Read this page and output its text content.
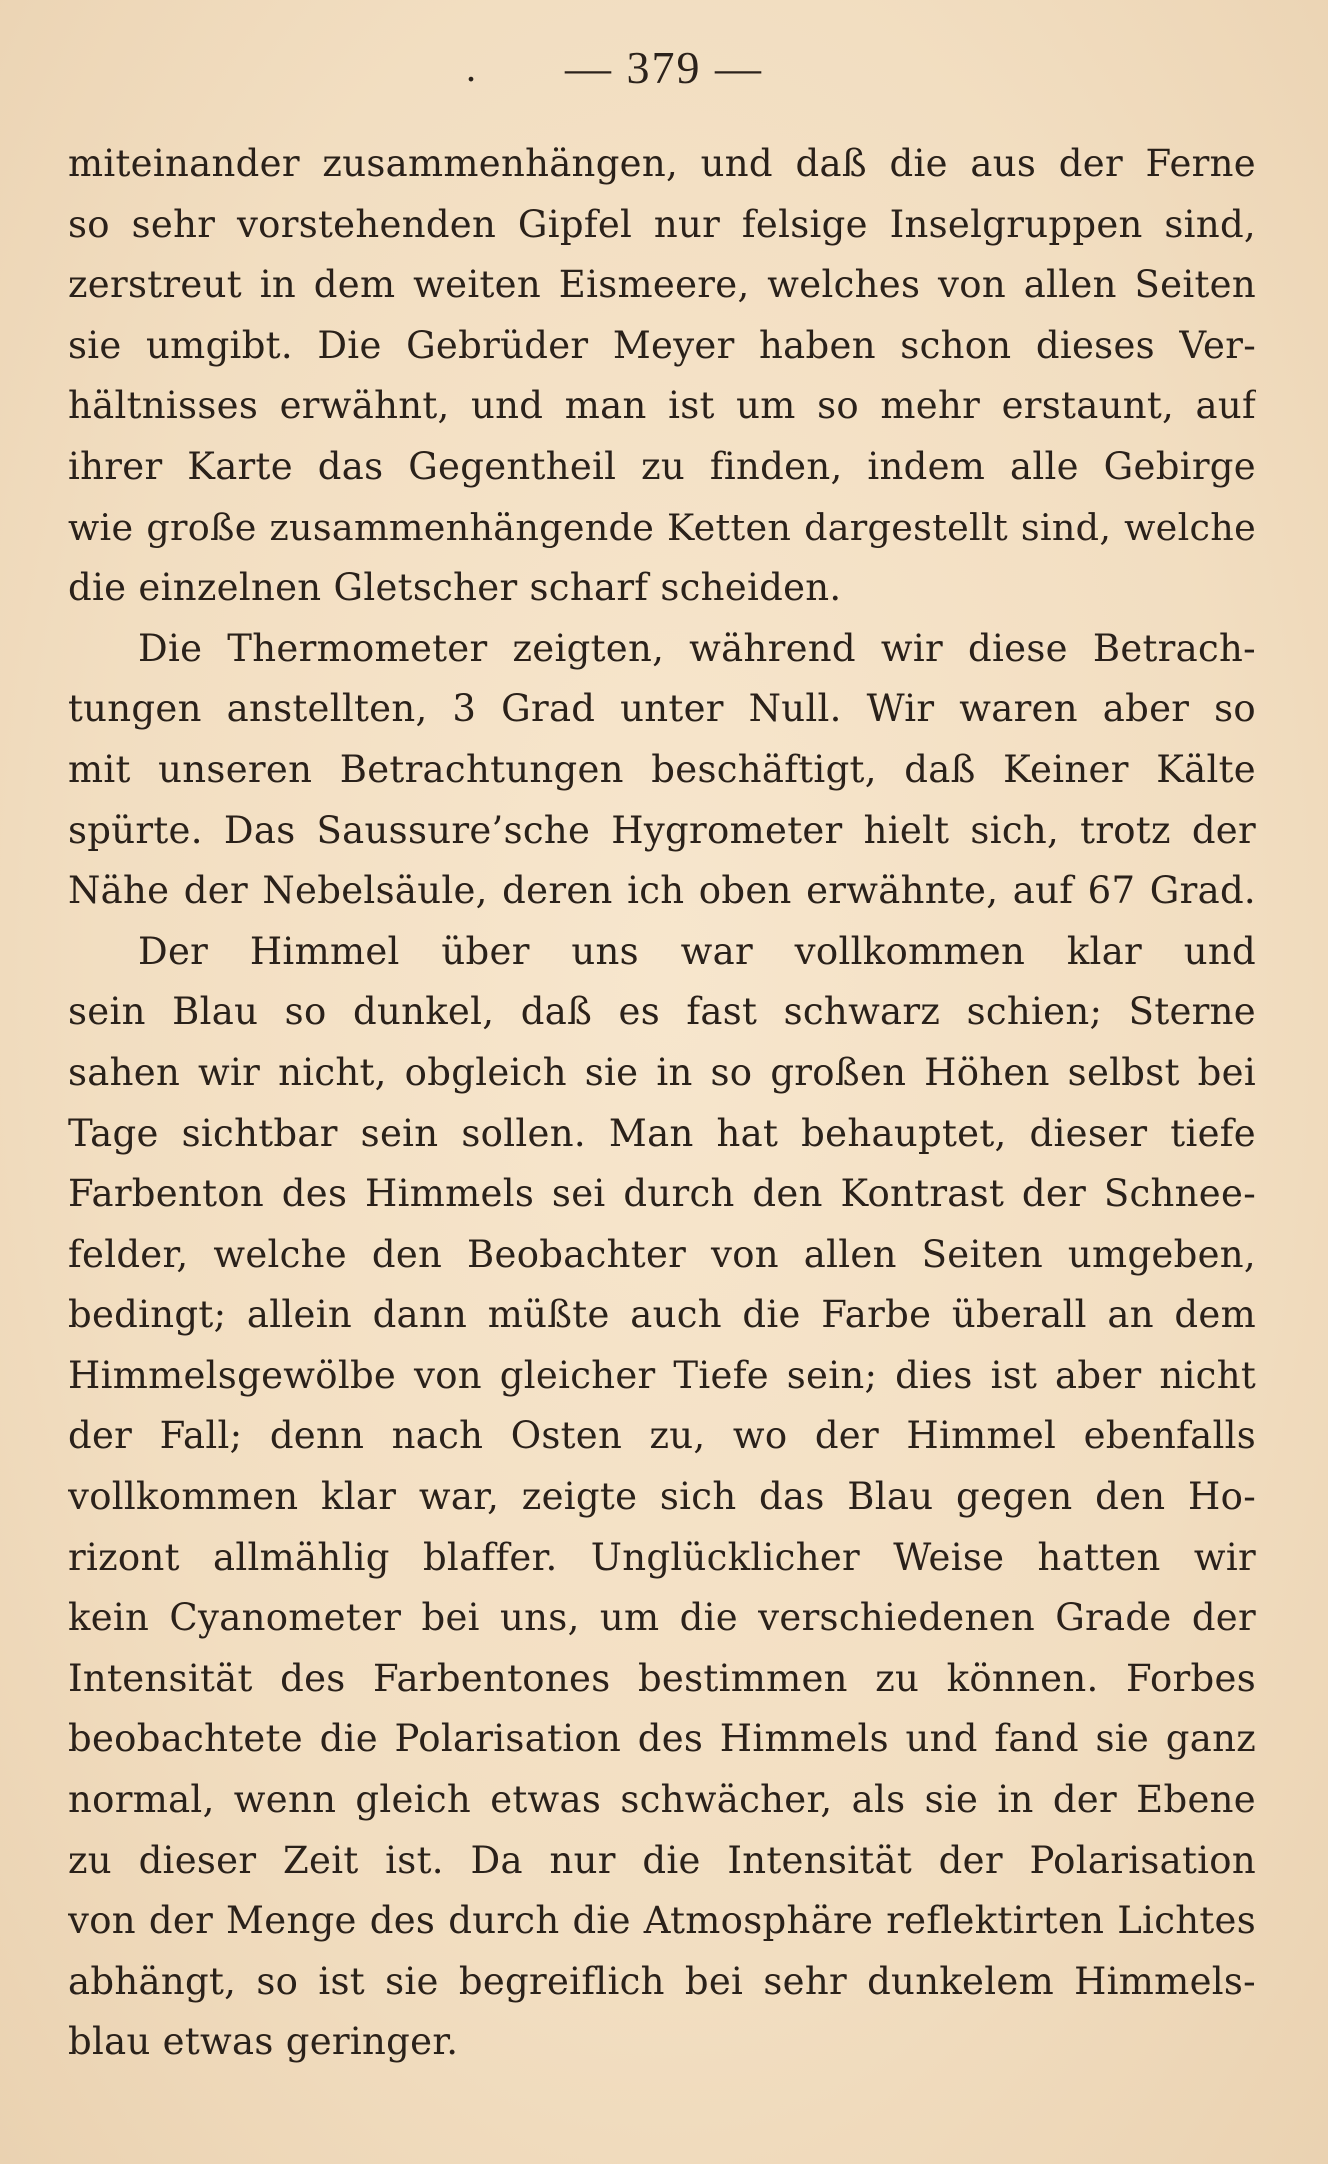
. — 379 —
miteinander zusammenhängen, und daß die aus der Ferne
so sehr vorstehenden Gipfel nur felsige Inselgruppen sind,
zerstreut in dem weiten Eismeere, welches von allen Seiten
sie umgibt. Die Gebrüder Meyer haben schon dieses Ver-
hältnisses erwähnt, und man ist um so mehr erstaunt, auf
ihrer Karte das Gegentheil zu finden, indem alle Gebirge
wie große zusammenhängende Ketten dargestellt sind, welche
die einzelnen Gletscher scharf scheiden.
Die Thermometer zeigten, während wir diese Betrach-
tungen anstellten, 3 Grad unter Null. Wir waren aber so
mit unseren Betrachtungen beschäftigt, daß Keiner Kälte
spürte. Das Saussure’sche Hygrometer hielt sich, trotz der
Nähe der Nebelsäule, deren ich oben erwähnte, auf 67 Grad.
Der Himmel über uns war vollkommen klar und
sein Blau so dunkel, daß es fast schwarz schien; Sterne
sahen wir nicht, obgleich sie in so großen Höhen selbst bei
Tage sichtbar sein sollen. Man hat behauptet, dieser tiefe
Farbenton des Himmels sei durch den Kontrast der Schnee-
felder, welche den Beobachter von allen Seiten umgeben,
bedingt; allein dann müßte auch die Farbe überall an dem
Himmelsgewölbe von gleicher Tiefe sein; dies ist aber nicht
der Fall; denn nach Osten zu, wo der Himmel ebenfalls
vollkommen klar war, zeigte sich das Blau gegen den Ho-
rizont allmählig blaffer. Unglücklicher Weise hatten wir
kein Cyanometer bei uns, um die verschiedenen Grade der
Intensität des Farbentones bestimmen zu können. Forbes
beobachtete die Polarisation des Himmels und fand sie ganz
normal, wenn gleich etwas schwächer, als sie in der Ebene
zu dieser Zeit ist. Da nur die Intensität der Polarisation
von der Menge des durch die Atmosphäre reflektirten Lichtes
abhängt, so ist sie begreiflich bei sehr dunkelem Himmels-
blau etwas geringer.
